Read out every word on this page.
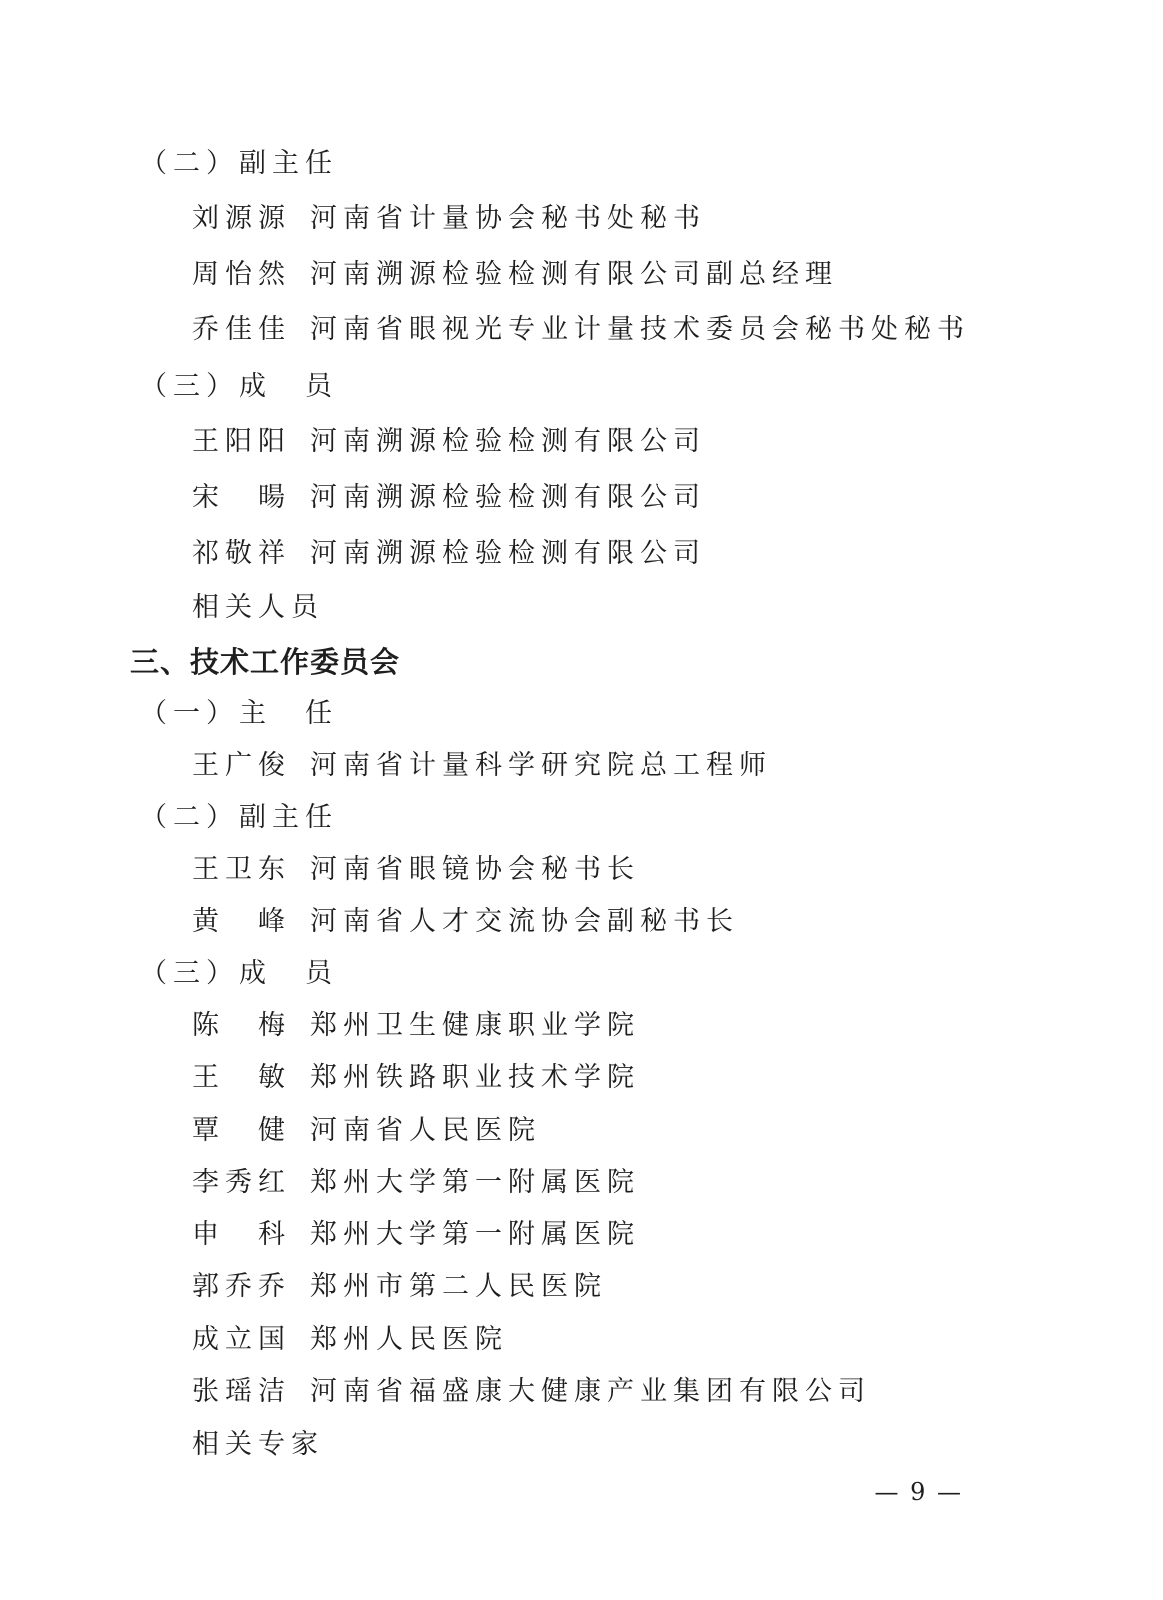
（二）副主任
刘源源 河南省计量协会秘书处秘书
周怡然 河南溯源检验检测有限公司副总经理
乔佳佳 河南省眼视光专业计量技术委员会秘书处秘书
（三）成　员
王阳阳 河南溯源检验检测有限公司
宋　暘 河南溯源检验检测有限公司
祁敬祥 河南溯源检验检测有限公司
相关人员
三、技术工作委员会
（一）主　任
王广俊 河南省计量科学研究院总工程师
（二）副主任
王卫东 河南省眼镜协会秘书长
黄　峰 河南省人才交流协会副秘书长
（三）成　员
陈　梅 郑州卫生健康职业学院
王　敏 郑州铁路职业技术学院
覃　健 河南省人民医院
李秀红 郑州大学第一附属医院
申　科 郑州大学第一附属医院
郭乔乔 郑州市第二人民医院
成立国 郑州人民医院
张瑶洁 河南省福盛康大健康产业集团有限公司
相关专家
— 9 —
